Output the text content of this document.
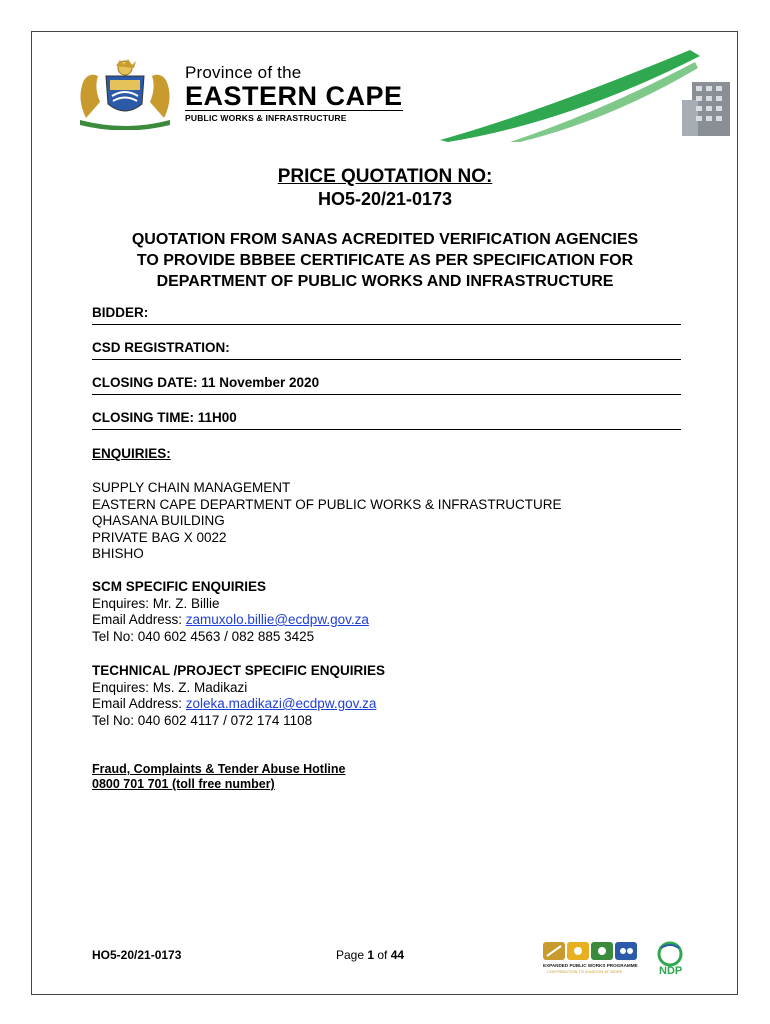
Province of the
EASTERN CAPE
PUBLIC WORKS & INFRASTRUCTURE
PRICE QUOTATION NO:
HO5-20/21-0173
QUOTATION FROM SANAS ACREDITED VERIFICATION AGENCIES
TO PROVIDE BBBEE CERTIFICATE AS PER SPECIFICATION FOR
DEPARTMENT OF PUBLIC WORKS AND INFRASTRUCTURE
BIDDER:
CSD REGISTRATION:
CLOSING DATE: 11 November 2020
CLOSING TIME: 11H00
ENQUIRIES:
SUPPLY CHAIN MANAGEMENT
EASTERN CAPE DEPARTMENT OF PUBLIC WORKS & INFRASTRUCTURE
QHASANA BUILDING
PRIVATE BAG X 0022
BHISHO
SCM SPECIFIC ENQUIRIES
Enquires: Mr. Z. Billie
Email Address: zamuxolo.billie@ecdpw.gov.za
Tel No: 040 602 4563 / 082 885 3425
TECHNICAL /PROJECT SPECIFIC ENQUIRIES
Enquires: Ms. Z. Madikazi
Email Address: zoleka.madikazi@ecdpw.gov.za
Tel No: 040 602 4117 / 072 174 1108
Fraud, Complaints & Tender Abuse Hotline
0800 701 701 (toll free number)
HO5-20/21-0173	Page 1 of 44
EXPANDED PUBLIC WORKS PROGRAMME
CONTRIBUTION TO A NATION AT WORK	NDP
